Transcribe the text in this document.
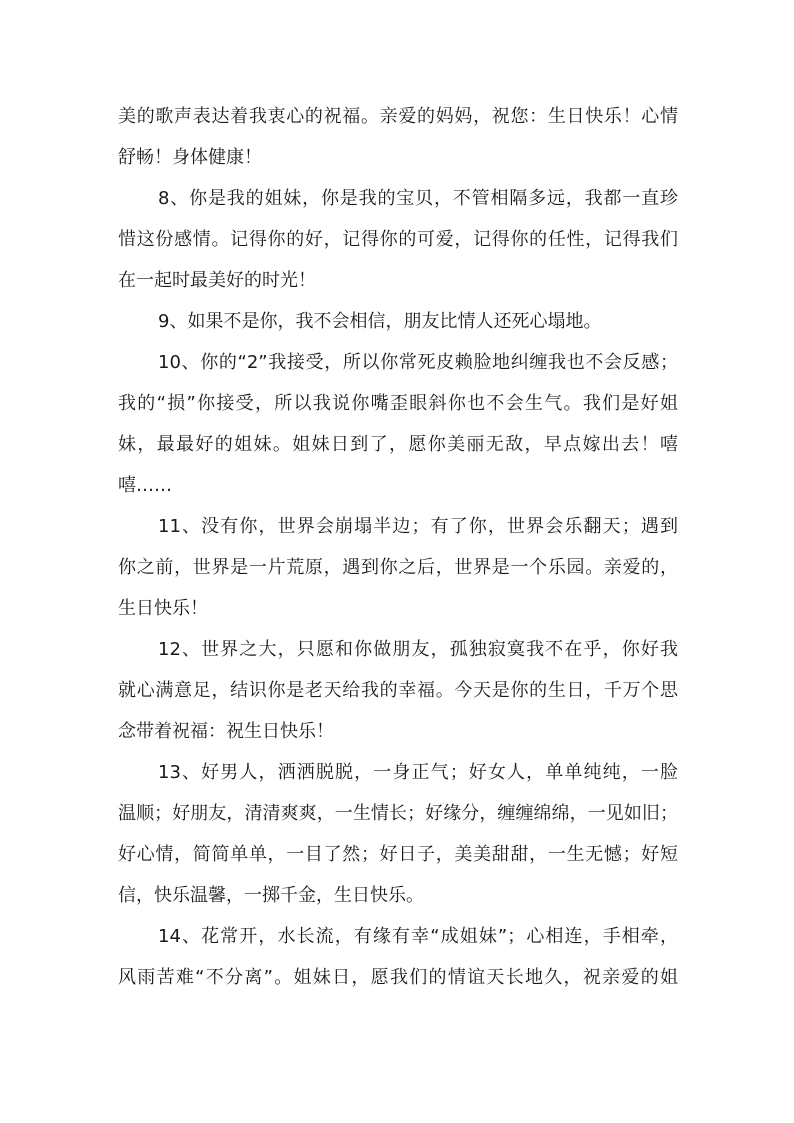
美的歌声表达着我衷心的祝福。亲爱的妈妈，祝您：生日快乐！心情
舒畅！身体健康！
8、你是我的姐妹，你是我的宝贝，不管相隔多远，我都一直珍
惜这份感情。记得你的好，记得你的可爱，记得你的任性，记得我们
在一起时最美好的时光！
9、如果不是你，我不会相信，朋友比情人还死心塌地。
10、你的“2”我接受，所以你常死皮赖脸地纠缠我也不会反感；
我的“损”你接受，所以我说你嘴歪眼斜你也不会生气。我们是好姐
妹，最最好的姐妹。姐妹日到了，愿你美丽无敌，早点嫁出去！嘻
嘻……
11、没有你，世界会崩塌半边；有了你，世界会乐翻天；遇到
你之前，世界是一片荒原，遇到你之后，世界是一个乐园。亲爱的，
生日快乐！
12、世界之大，只愿和你做朋友，孤独寂寞我不在乎，你好我
就心满意足，结识你是老天给我的幸福。今天是你的生日，千万个思
念带着祝福：祝生日快乐！
13、好男人，洒洒脱脱，一身正气；好女人，单单纯纯，一脸
温顺；好朋友，清清爽爽，一生情长；好缘分，缠缠绵绵，一见如旧；
好心情，简简单单，一目了然；好日子，美美甜甜，一生无憾；好短
信，快乐温馨，一掷千金，生日快乐。
14、花常开，水长流，有缘有幸“成姐妹”；心相连，手相牵，
风雨苦难“不分离”。姐妹日，愿我们的情谊天长地久，祝亲爱的姐
